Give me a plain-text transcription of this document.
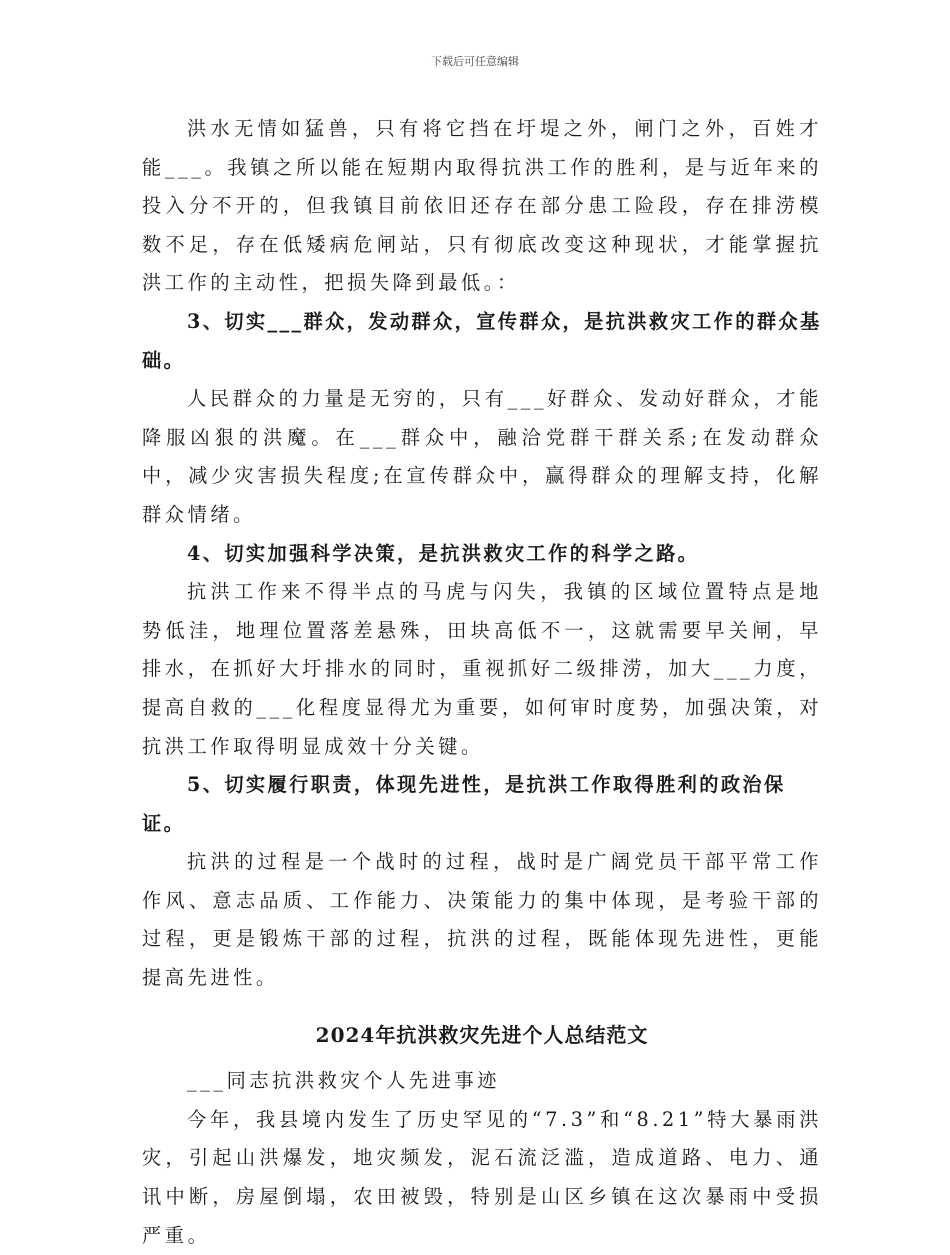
下载后可任意编辑

洪水无情如猛兽，只有将它挡在圩堤之外，闸门之外，百姓才能___。我镇之所以能在短期内取得抗洪工作的胜利，是与近年来的投入分不开的，但我镇目前依旧还存在部分患工险段，存在排涝模数不足，存在低矮病危闸站，只有彻底改变这种现状，才能掌握抗洪工作的主动性，把损失降到最低。：

3、切实___群众，发动群众，宣传群众，是抗洪救灾工作的群众基础。

人民群众的力量是无穷的，只有___好群众、发动好群众，才能降服凶狠的洪魔。在___群众中，融洽党群干群关系;在发动群众中，减少灾害损失程度;在宣传群众中，赢得群众的理解支持，化解群众情绪。

4、切实加强科学决策，是抗洪救灾工作的科学之路。

抗洪工作来不得半点的马虎与闪失，我镇的区域位置特点是地势低洼，地理位置落差悬殊，田块高低不一，这就需要早关闸，早排水，在抓好大圩排水的同时，重视抓好二级排涝，加大___力度，提高自救的___化程度显得尤为重要，如何审时度势，加强决策，对抗洪工作取得明显成效十分关键。

5、切实履行职责，体现先进性，是抗洪工作取得胜利的政治保证。

抗洪的过程是一个战时的过程，战时是广阔党员干部平常工作作风、意志品质、工作能力、决策能力的集中体现，是考验干部的过程，更是锻炼干部的过程，抗洪的过程，既能体现先进性，更能提高先进性。

2024年抗洪救灾先进个人总结范文

___同志抗洪救灾个人先进事迹

今年，我县境内发生了历史罕见的“7.3”和“8.21”特大暴雨洪灾，引起山洪爆发，地灾频发，泥石流泛滥，造成道路、电力、通讯中断，房屋倒塌，农田被毁，特别是山区乡镇在这次暴雨中受损严重。
